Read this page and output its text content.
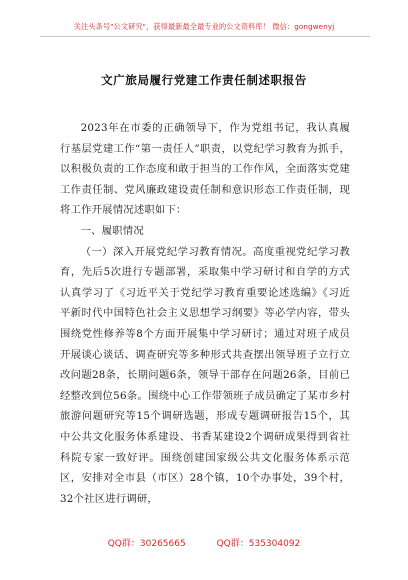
关注头条号"公文研究"，获得最新最全最专业的公文资料库！ 微信：gongwenyj
文广旅局履行党建工作责任制述职报告

2023年在市委的正确领导下，作为党组书记，我认真履行基层党建工作“第一责任人”职责，以党纪学习教育为抓手，以积极负责的工作态度和敢于担当的工作作风，全面落实党建工作责任制、党风廉政建设责任制和意识形态工作责任制，现将工作开展情况述职如下：

一、履职情况

（一）深入开展党纪学习教育情况。高度重视党纪学习教育，先后5次进行专题部署，采取集中学习研讨和自学的方式认真学习了《习近平关于党纪学习教育重要论述选编》《习近平新时代中国特色社会主义思想学习纲要》等必学内容，带头围绕党性修养等8个方面开展集中学习研讨；通过对班子成员开展谈心谈话、调查研究等多种形式共查摆出领导班子立行立改问题28条，长期问题6条，领导干部存在问题26条，目前已经整改到位56条。围绕中心工作带领班子成员确定了某市乡村旅游问题研究等15个调研选题，形成专题调研报告15个，其中公共文化服务体系建设、书香某建设2个调研成果得到省社科院专家一致好评。围绕创建国家级公共文化服务体系示范区，安排对全市县（市区）28个镇，10个办事处，39个村，32个社区进行调研，

QQ群：30265665	QQ群：535304092
